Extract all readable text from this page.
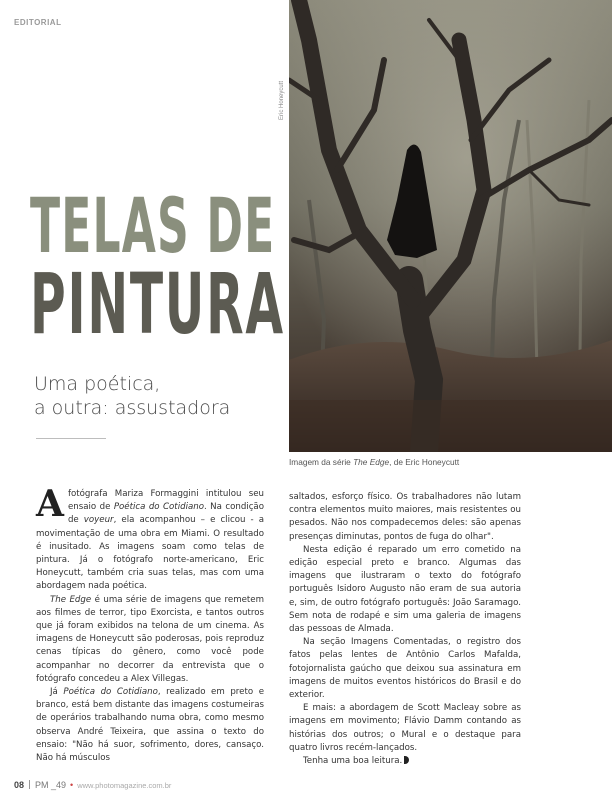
EDITORIAL
Eric Honeycutt
Imagem da série The Edge, de Eric Honeycutt
TELAS DE
PINTURA
Uma poética,
a outra: assustadora

A fotógrafa Mariza Formaggini intitulou seu ensaio de Poética do Cotidiano. Na condição de voyeur, ela acompanhou – e clicou - a movimentação de uma obra em Miami. O resultado é inusitado. As imagens soam como telas de pintura. Já o fotógrafo norte-americano, Eric Honeycutt, também cria suas telas, mas com uma abordagem nada poética.

The Edge é uma série de imagens que remetem aos filmes de terror, tipo Exorcista, e tantos outros que já foram exibidos na telona de um cinema. As imagens de Honeycutt são poderosas, pois reproduz cenas típicas do gênero, como você pode acompanhar no decorrer da entrevista que o fotógrafo concedeu a Alex Villegas.

Já Poética do Cotidiano, realizado em preto e branco, está bem distante das imagens costumeiras de operários trabalhando numa obra, como mesmo observa André Teixeira, que assina o texto do ensaio: "Não há suor, sofrimento, dores, cansaço. Não há músculos

saltados, esforço físico. Os trabalhadores não lutam contra elementos muito maiores, mais resistentes ou pesados. Não nos compadecemos deles: são apenas presenças diminutas, pontos de fuga do olhar".

Nesta edição é reparado um erro cometido na edição especial preto e branco. Algumas das imagens que ilustraram o texto do fotógrafo português Isidoro Augusto não eram de sua autoria e, sim, de outro fotógrafo português: João Saramago. Sem nota de rodapé e sim uma galeria de imagens das pessoas de Almada.

Na seção Imagens Comentadas, o registro dos fatos pelas lentes de Antônio Carlos Mafalda, fotojornalista gaúcho que deixou sua assinatura em imagens de muitos eventos históricos do Brasil e do exterior.

E mais: a abordagem de Scott Macleay sobre as imagens em movimento; Flávio Damm contando as histórias dos outros; o Mural e o destaque para quatro livros recém-lançados.

Tenha uma boa leitura.

08 PM _49 • www.photomagazine.com.br
